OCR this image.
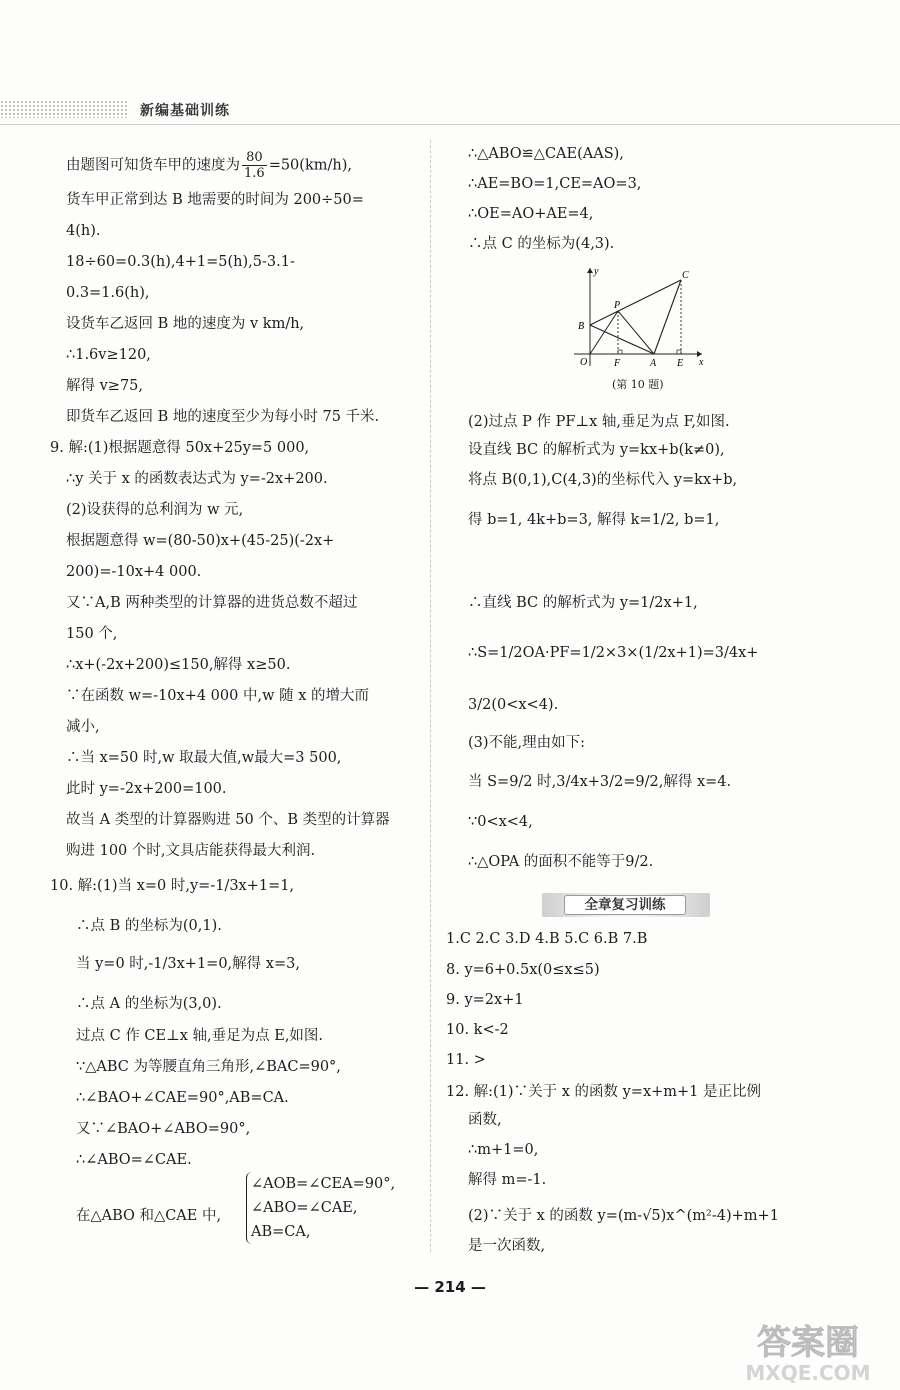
新编基础训练
由题图可知货车甲的速度为 $\frac{80}{1.6} =50(km/h)$,
货车甲正常到达 B 地需要的时间为 200÷50=
4(h).
18÷60=0.3(h),4+1=5(h),5-3.1-
0.3=1.6(h),
设货车乙返回 B 地的速度为 v km/h,
∴1.6v≥120,
解得 v≥75,
即货车乙返回 B 地的速度至少为每小时 75 千米.
9. 解:(1)根据题意得 50x+25y=5 000,
∴y 关于 x 的函数表达式为 y=-2x+200.
(2)设获得的总利润为 w 元,
根据题意得 w=(80-50)x+(45-25)(-2x+
200)=-10x+4 000.
又∵A,B 两种类型的计算器的进货总数不超过
150 个,
∴x+(-2x+200)≤150,解得 x≥50.
∵在函数 w=-10x+4 000 中,w 随 x 的增大而
减小,
∴当 x=50 时,w 取最大值,w最大=3 500,
此时 y=-2x+200=100.
故当 A 类型的计算器购进 50 个、B 类型的计算器
购进 100 个时,文具店能获得最大利润.
10. 解:(1)当 x=0 时,y=-1/3x+1=1,
∴点 B 的坐标为(0,1).
当 y=0 时,-1/3x+1=0,解得 x=3,
∴点 A 的坐标为(3,0).
过点 C 作 CE⊥x 轴,垂足为点 E,如图.
∵△ABC 为等腰直角三角形,∠BAC=90°,
∴∠BAO+∠CAE=90°,AB=CA.
又∵∠BAO+∠ABO=90°,
∴∠ABO=∠CAE.
在△ABO 和△CAE 中,
∠AOB=∠CEA=90°,
∠ABO=∠CAE,
AB=CA,
∴△ABO≌△CAE(AAS),
∴AE=BO=1,CE=AO=3,
∴OE=AO+AE=4,
∴点 C 的坐标为(4,3).
y
x
O	F	A E
B
P
C
(第 10 题)
(2)过点 P 作 PF⊥x 轴,垂足为点 F,如图.
设直线 BC 的解析式为 y=kx+b(k≠0),
将点 B(0,1),C(4,3)的坐标代入 y=kx+b,
得 b=1, 4k+b=3, 解得 k=1/2, b=1,
∴直线 BC 的解析式为 y=1/2x+1,
∴S=1/2OA·PF=1/2×3×(1/2x+1)=3/4x+
3/2(0<x<4).
(3)不能,理由如下:
当 S=9/2 时,3/4x+3/2=9/2,解得 x=4.
∵0<x<4,
∴△OPA 的面积不能等于9/2.
全章复习训练
1.C 2.C 3.D 4.B 5.C 6.B 7.B
8. y=6+0.5x(0≤x≤5)
9. y=2x+1
10. k<-2
11. >
12. 解:(1)∵关于 x 的函数 y=x+m+1 是正比例
函数,
∴m+1=0,
解得 m=-1.
(2)∵关于 x 的函数 y=(m-√5)x^(m²-4)+m+1
是一次函数,
— 214 —
答案圈
MXQE.COM
